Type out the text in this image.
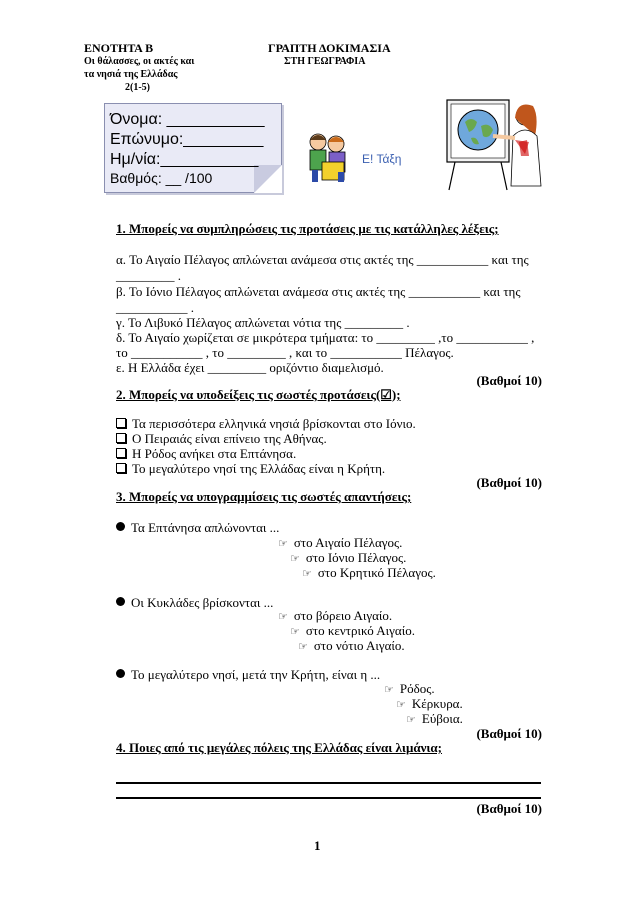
ΕΝΟΤΗΤΑ Β
Οι θάλασσες, οι ακτές και
τα νησιά της Ελλάδας
2(1-5)
ΓΡΑΠΤΗ ΔΟΚΙΜΑΣΙΑ
ΣΤΗ ΓΕΩΓΡΑΦΙΑ
Όνομα: ___________
Επώνυμο:_________
Ημ/νία:___________
Βαθμός: __ /100
Ε! Τάξη
1. Μπορείς να συμπληρώσεις τις προτάσεις με τις κατάλληλες λέξεις;
α. Το Αιγαίο Πέλαγος απλώνεται ανάμεσα στις ακτές της ___________ και της
_________ .
β. Το Ιόνιο Πέλαγος απλώνεται ανάμεσα στις ακτές της ___________ και της
___________ .
γ. Το Λιβυκό Πέλαγος απλώνεται νότια της _________ .
δ. Το Αιγαίο χωρίζεται σε μικρότερα τμήματα: το _________ ,το ___________ ,
το ___________ , το _________ , και το ___________ Πέλαγος.
ε. Η Ελλάδα έχει _________ οριζόντιο διαμελισμό.
(Βαθμοί 10)
2. Μπορείς να υποδείξεις τις σωστές προτάσεις(☑);
Τα περισσότερα ελληνικά νησιά βρίσκονται στο Ιόνιο.
Ο Πειραιάς είναι επίνειο της Αθήνας.
Η Ρόδος ανήκει στα Επτάνησα.
Το μεγαλύτερο νησί της Ελλάδας είναι η Κρήτη.
(Βαθμοί 10)
3. Μπορείς να υπογραμμίσεις τις σωστές απαντήσεις;
Τα Επτάνησα απλώνονται ...
☞ στο Αιγαίο Πέλαγος.
☞ στο Ιόνιο Πέλαγος.
☞ στο Κρητικό Πέλαγος.
Οι Κυκλάδες βρίσκονται ...
☞ στο βόρειο Αιγαίο.
☞ στο κεντρικό Αιγαίο.
☞ στο νότιο Αιγαίο.
Το μεγαλύτερο νησί, μετά την Κρήτη, είναι η ...
☞ Ρόδος.
☞ Κέρκυρα.
☞ Εύβοια.
(Βαθμοί 10)
4. Ποιες από τις μεγάλες πόλεις της Ελλάδας είναι λιμάνια;
(Βαθμοί 10)
1
